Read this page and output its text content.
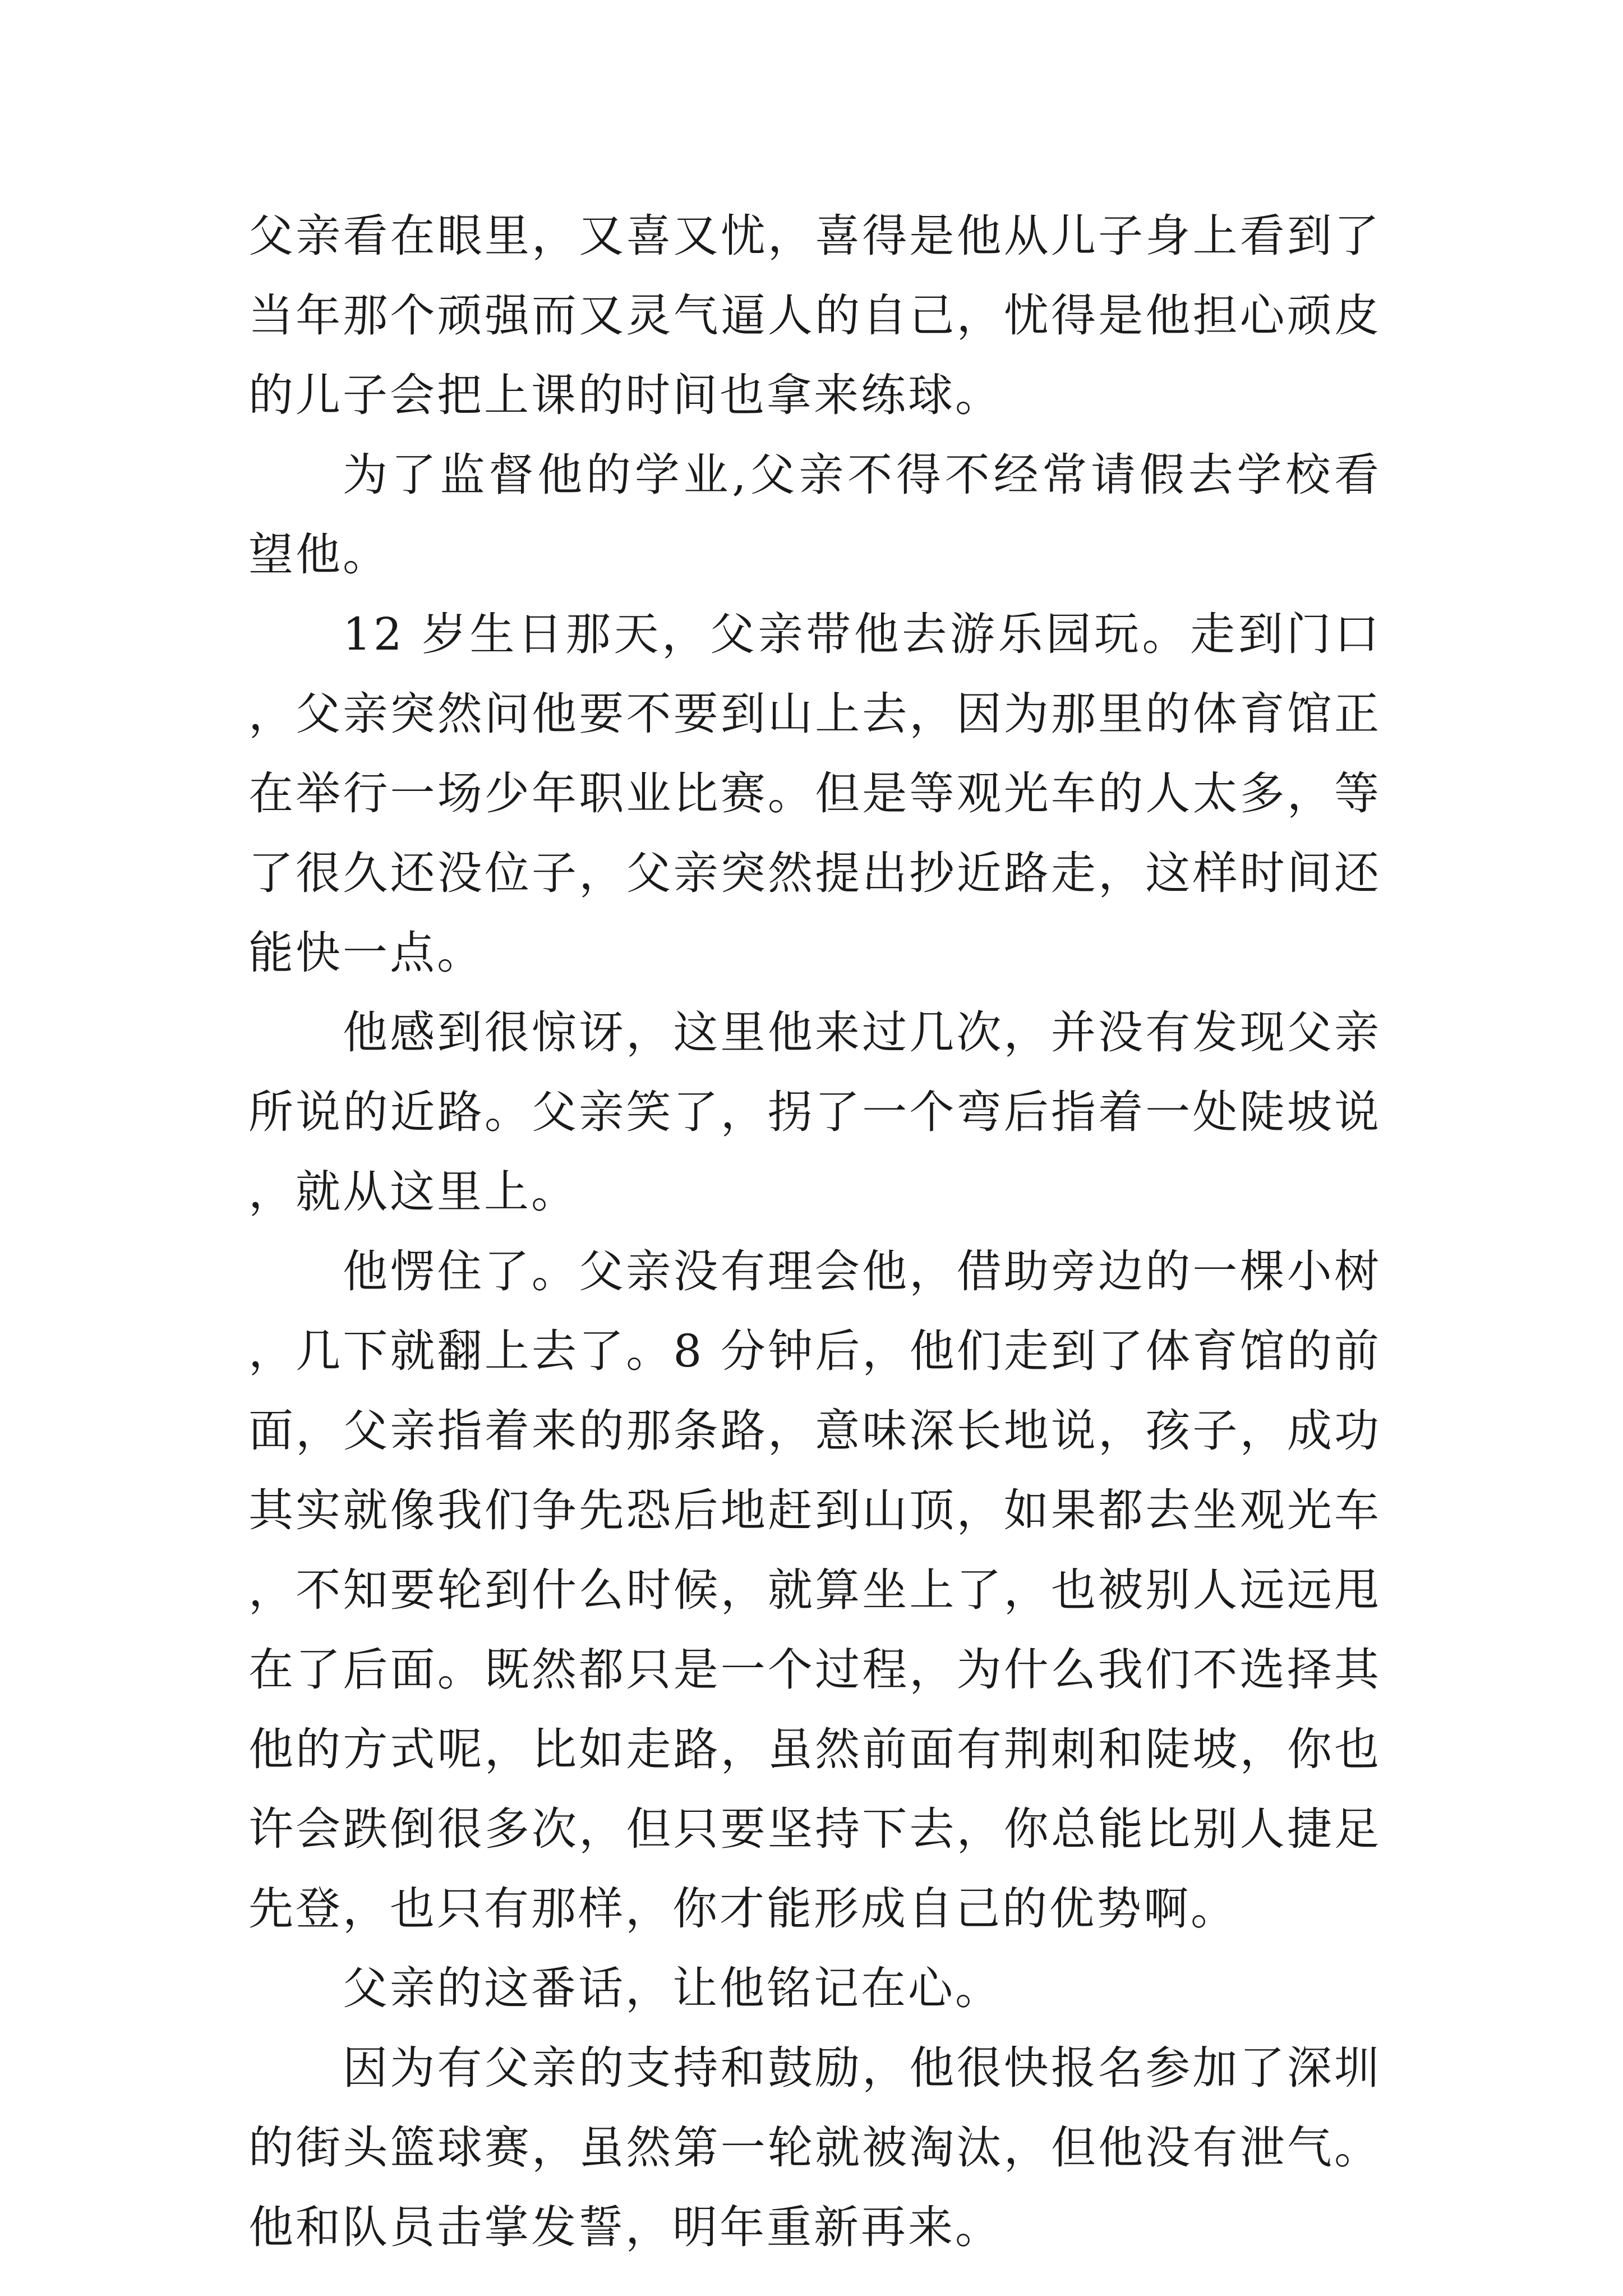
父亲看在眼里，又喜又忧，喜得是他从儿子身上看到了当年那个顽强而又灵气逼人的自己，忧得是他担心顽皮的儿子会把上课的时间也拿来练球。

为了监督他的学业,父亲不得不经常请假去学校看望他。

12 岁生日那天，父亲带他去游乐园玩。走到门口，父亲突然问他要不要到山上去，因为那里的体育馆正在举行一场少年职业比赛。但是等观光车的人太多，等了很久还没位子，父亲突然提出抄近路走，这样时间还能快一点。

他感到很惊讶，这里他来过几次，并没有发现父亲所说的近路。父亲笑了，拐了一个弯后指着一处陡坡说，就从这里上。

他愣住了。父亲没有理会他，借助旁边的一棵小树，几下就翻上去了。8 分钟后，他们走到了体育馆的前面，父亲指着来的那条路，意味深长地说，孩子，成功其实就像我们争先恐后地赶到山顶，如果都去坐观光车，不知要轮到什么时候，就算坐上了，也被别人远远甩在了后面。既然都只是一个过程，为什么我们不选择其他的方式呢，比如走路，虽然前面有荆刺和陡坡，你也许会跌倒很多次，但只要坚持下去，你总能比别人捷足先登，也只有那样，你才能形成自己的优势啊。

父亲的这番话，让他铭记在心。

因为有父亲的支持和鼓励，他很快报名参加了深圳的街头篮球赛，虽然第一轮就被淘汰，但他没有泄气。他和队员击掌发誓，明年重新再来。
